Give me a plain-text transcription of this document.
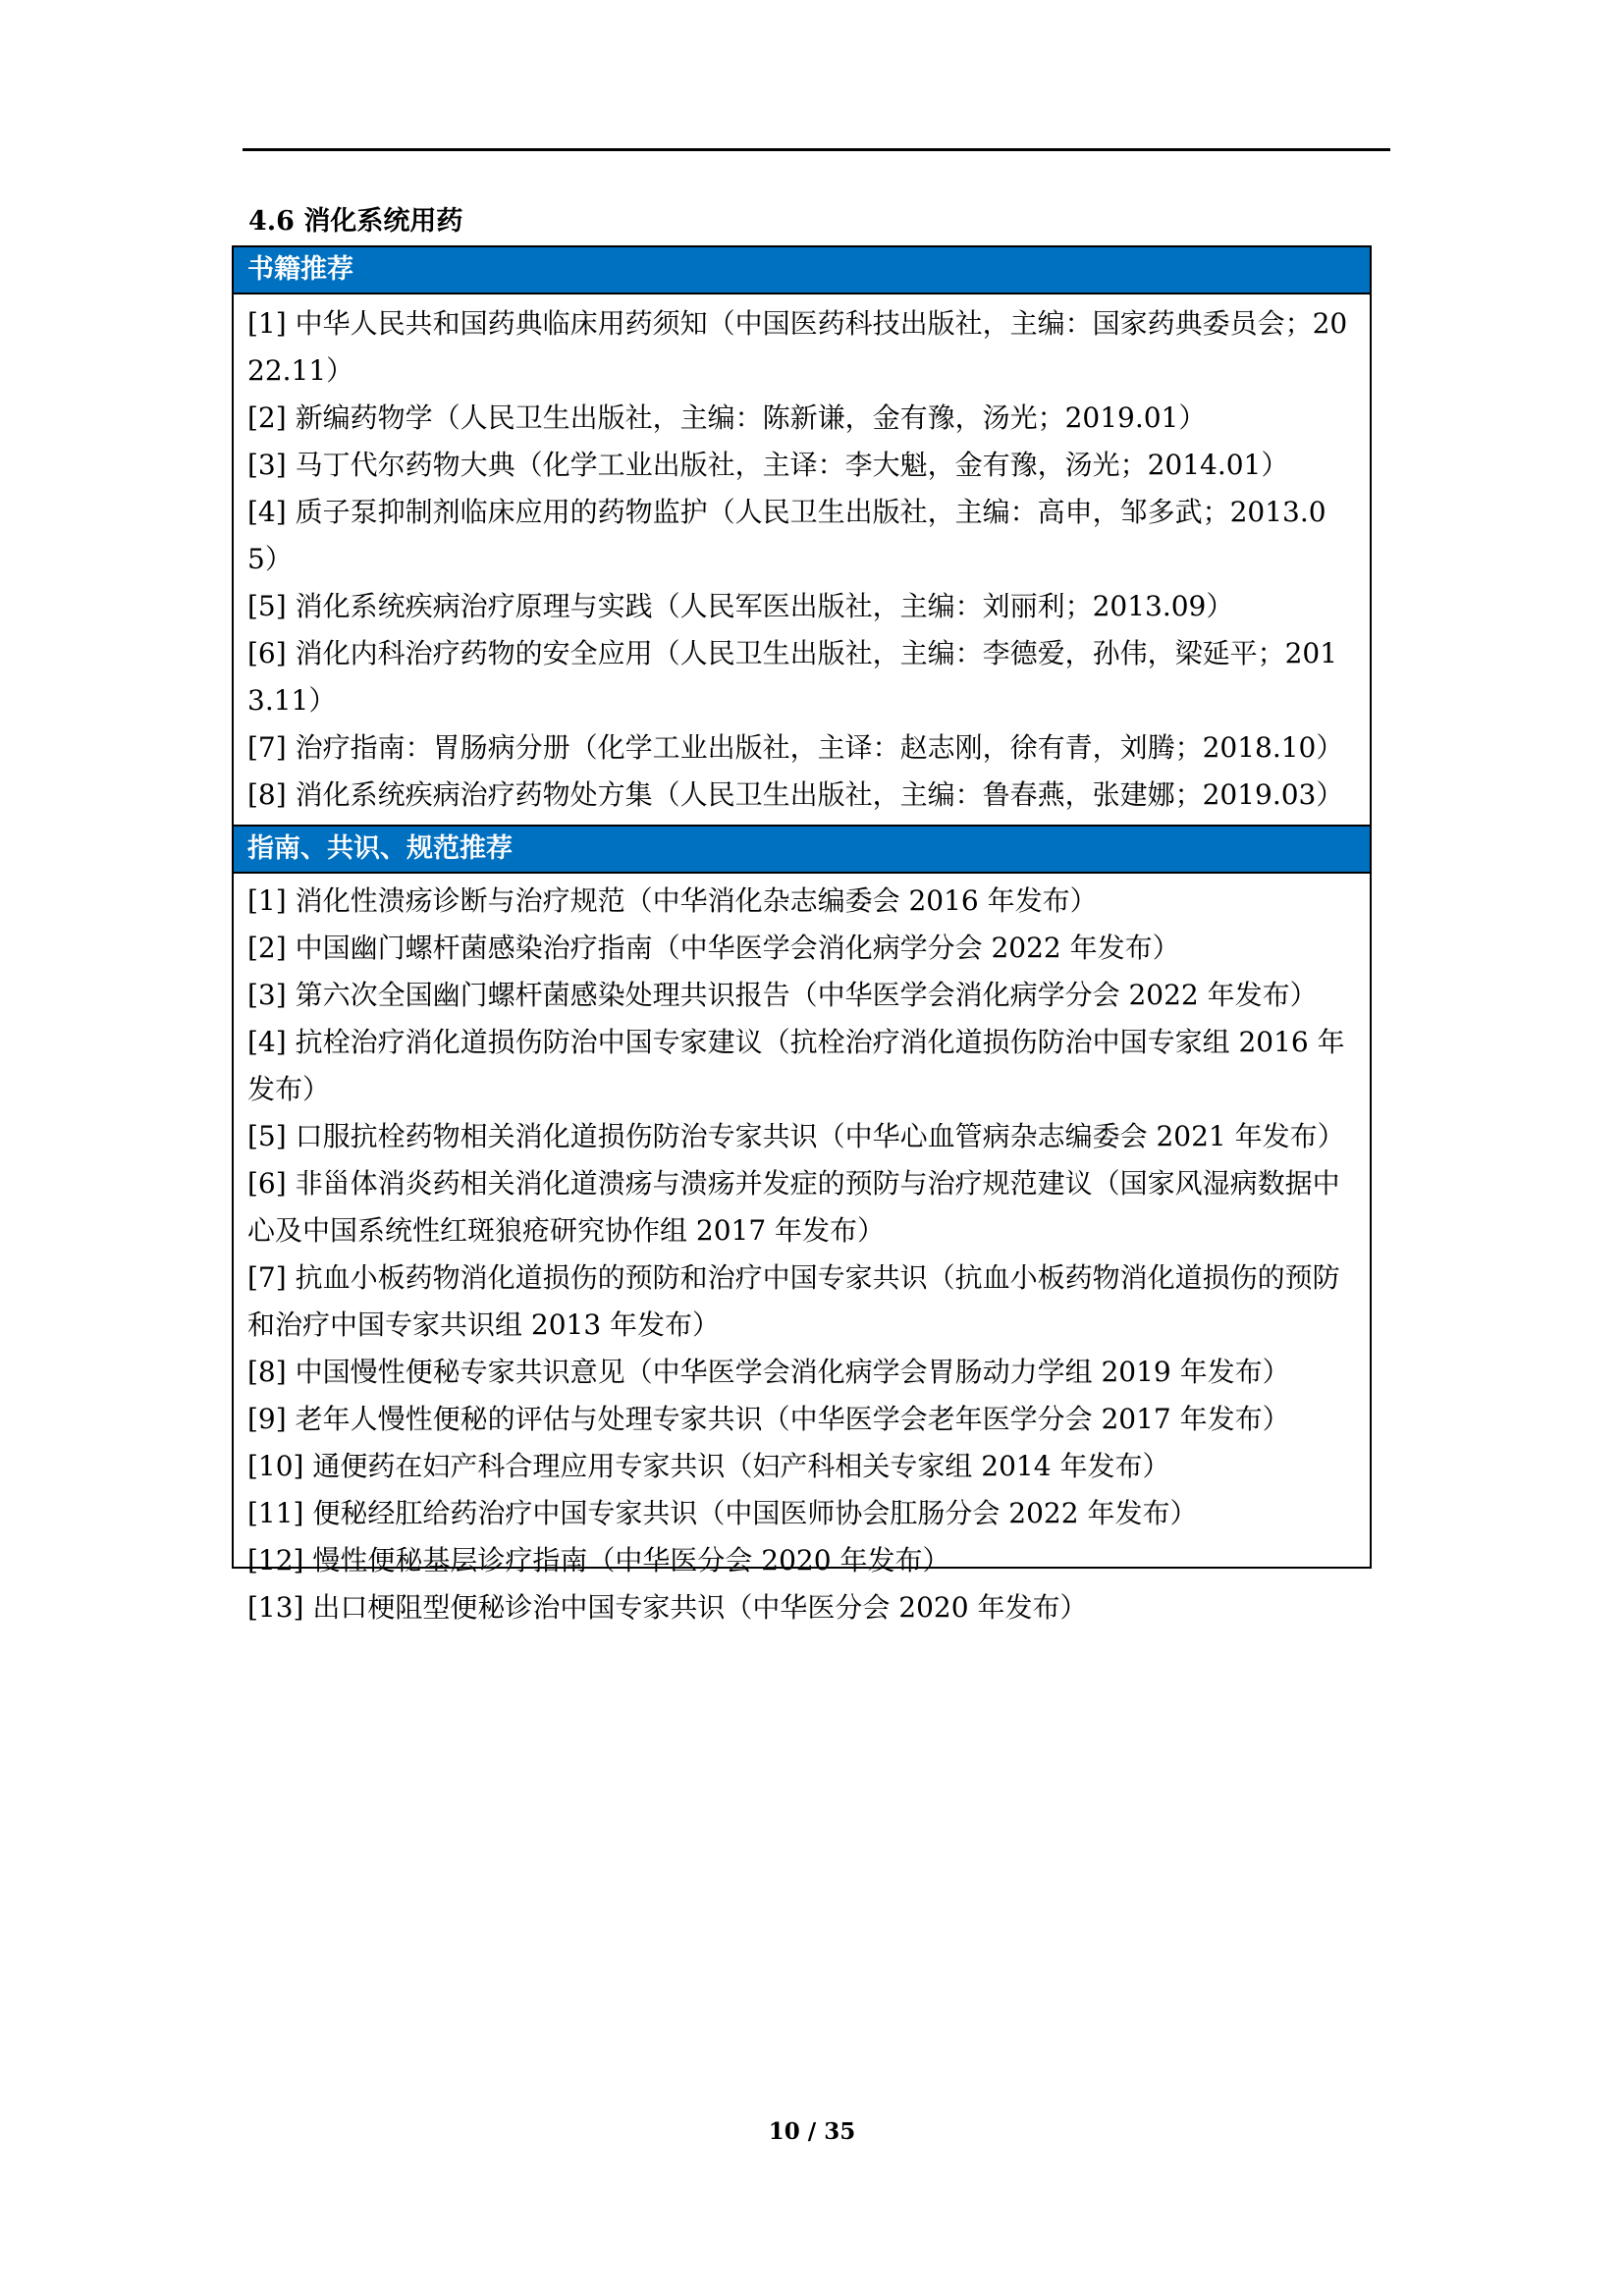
4.6 消化系统用药
书籍推荐

[1] 中华人民共和国药典临床用药须知（中国医药科技出版社，主编：国家药典委员会；2022.11）

[2] 新编药物学（人民卫生出版社，主编：陈新谦，金有豫，汤光；2019.01）

[3] 马丁代尔药物大典（化学工业出版社，主译：李大魁，金有豫，汤光；2014.01）

[4] 质子泵抑制剂临床应用的药物监护（人民卫生出版社，主编：高申，邹多武；2013.05）

[5] 消化系统疾病治疗原理与实践（人民军医出版社，主编：刘丽利；2013.09）

[6] 消化内科治疗药物的安全应用（人民卫生出版社，主编：李德爱，孙伟，梁延平；2013.11）

[7] 治疗指南：胃肠病分册（化学工业出版社，主译：赵志刚，徐有青，刘腾；2018.10）

[8] 消化系统疾病治疗药物处方集（人民卫生出版社，主编：鲁春燕，张建娜；2019.03）

指南、共识、规范推荐

[1] 消化性溃疡诊断与治疗规范（中华消化杂志编委会 2016 年发布）

[2] 中国幽门螺杆菌感染治疗指南（中华医学会消化病学分会 2022 年发布）

[3] 第六次全国幽门螺杆菌感染处理共识报告（中华医学会消化病学分会 2022 年发布）

[4] 抗栓治疗消化道损伤防治中国专家建议（抗栓治疗消化道损伤防治中国专家组 2016 年发布）

[5] 口服抗栓药物相关消化道损伤防治专家共识（中华心血管病杂志编委会 2021 年发布）

[6] 非甾体消炎药相关消化道溃疡与溃疡并发症的预防与治疗规范建议（国家风湿病数据中心及中国系统性红斑狼疮研究协作组 2017 年发布）

[7] 抗血小板药物消化道损伤的预防和治疗中国专家共识（抗血小板药物消化道损伤的预防和治疗中国专家共识组 2013 年发布）

[8] 中国慢性便秘专家共识意见（中华医学会消化病学会胃肠动力学组 2019 年发布）

[9] 老年人慢性便秘的评估与处理专家共识（中华医学会老年医学分会 2017 年发布）

[10] 通便药在妇产科合理应用专家共识（妇产科相关专家组 2014 年发布）

[11] 便秘经肛给药治疗中国专家共识（中国医师协会肛肠分会 2022 年发布）

[12] 慢性便秘基层诊疗指南（中华医分会 2020 年发布）

[13] 出口梗阻型便秘诊治中国专家共识（中华医分会 2020 年发布）

10 / 35
